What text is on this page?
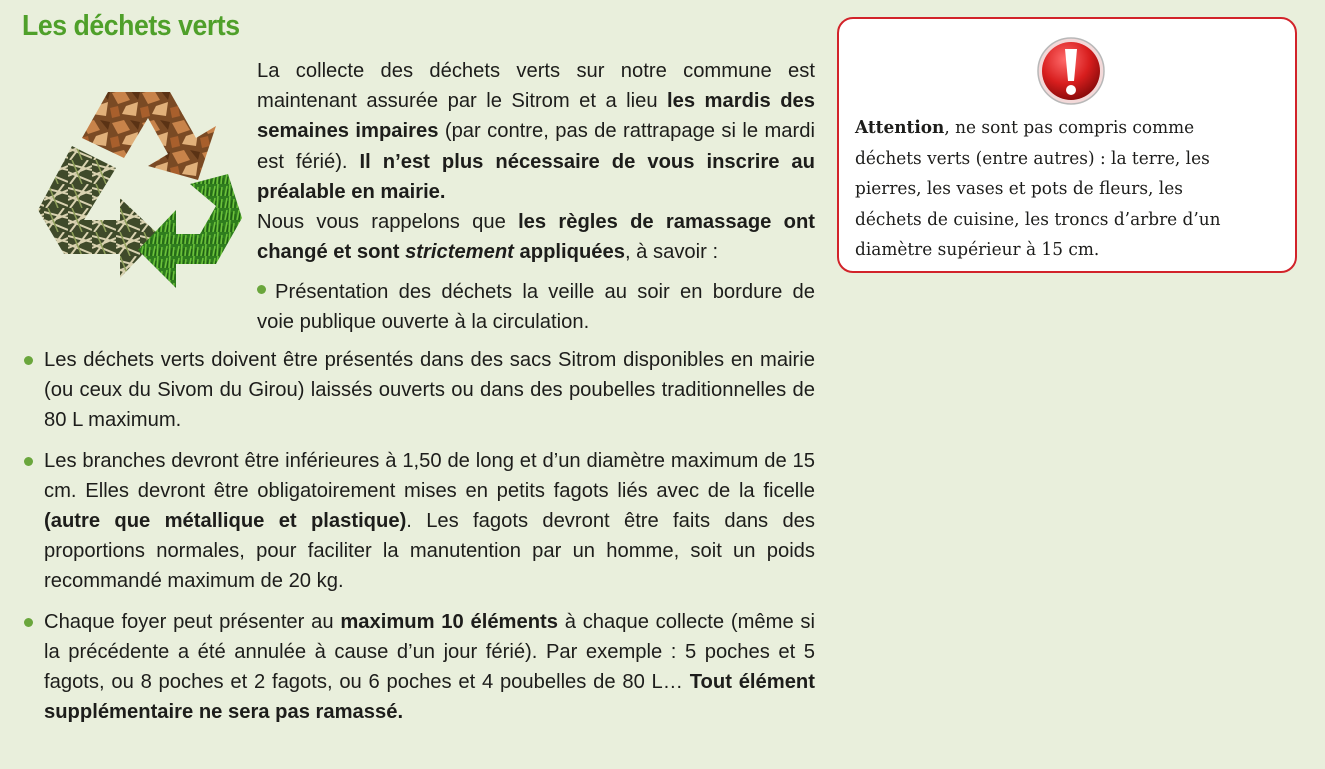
Les déchets verts

La collecte des déchets verts sur notre commune est maintenant assurée par le Sitrom et a lieu les mardis des semaines impaires (par contre, pas de rattrapage si le mardi est férié). Il n’est plus nécessaire de vous inscrire au préalable en mairie.

Nous vous rappelons que les règles de ramassage ont changé et sont strictement appliquées, à savoir :

Présentation des déchets la veille au soir en bordure de voie publique ouverte à la circulation.
Les déchets verts doivent être présentés dans des sacs Sitrom disponibles en mairie (ou ceux du Sivom du Girou) laissés ouverts ou dans des poubelles traditionnelles de 80 L maximum.
Les branches devront être inférieures à 1,50 de long et d’un diamètre maximum de 15 cm. Elles devront être obligatoirement mises en petits fagots liés avec de la ficelle (autre que métallique et plastique). Les fagots devront être faits dans des proportions normales, pour faciliter la manutention par un homme, soit un poids recommandé maximum de 20 kg.
Chaque foyer peut présenter au maximum 10 éléments à chaque collecte (même si la précédente a été annulée à cause d’un jour férié). Par exemple : 5 poches et 5 fagots, ou 8 poches et 2 fagots, ou 6 poches et 4 poubelles de 80 L… Tout élément supplémentaire ne sera pas ramassé.
Attention, ne sont pas compris comme déchets verts (entre autres) : la terre, les pierres, les vases et pots de fleurs, les déchets de cuisine, les troncs d’arbre d’un diamètre supérieur à 15 cm.
